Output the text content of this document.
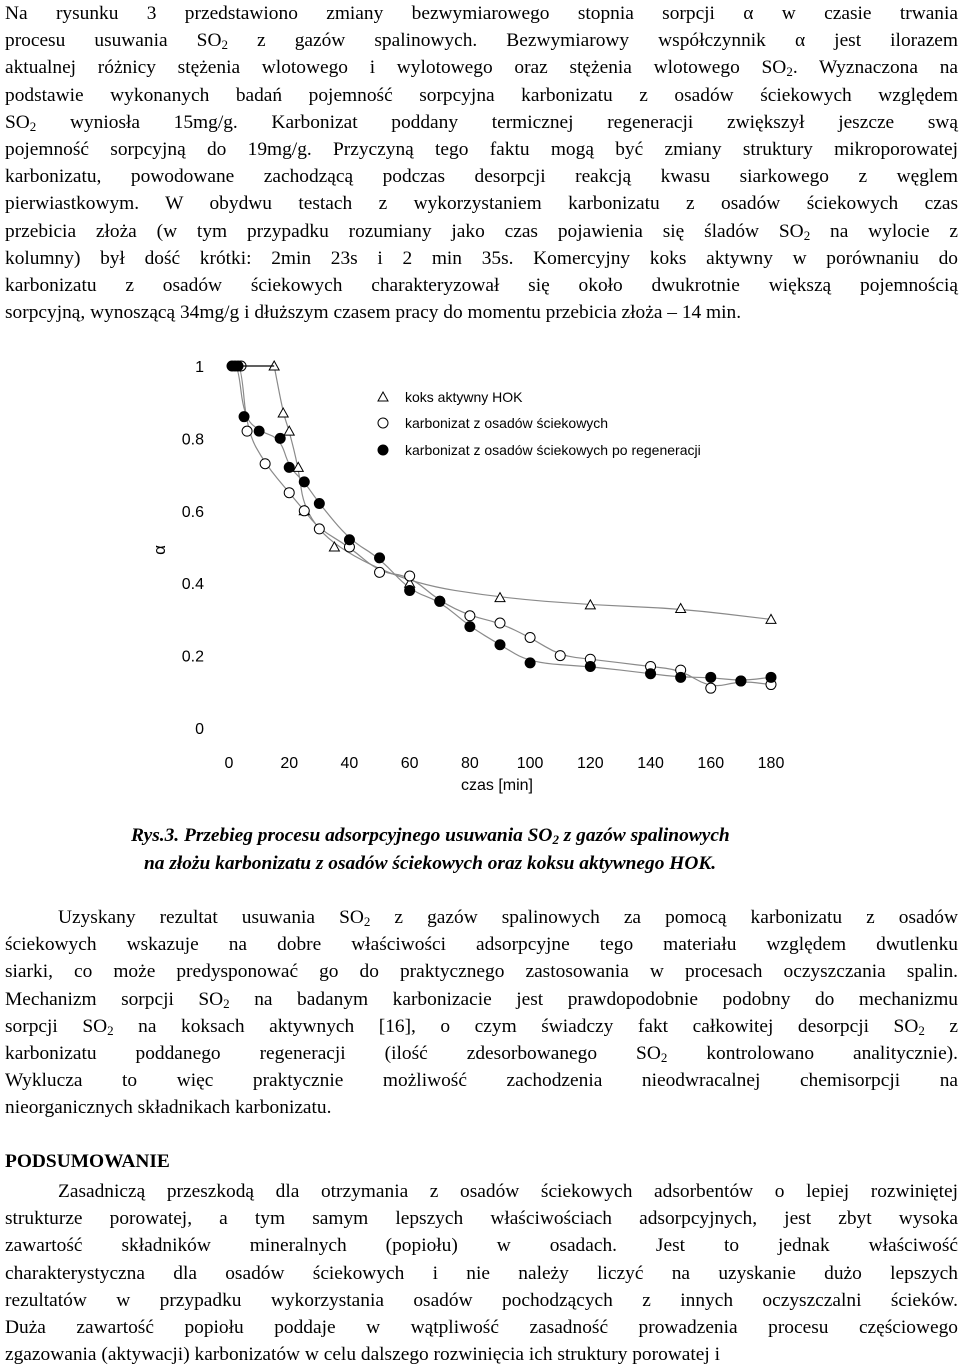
Na rysunku 3 przedstawiono zmiany bezwymiarowego stopnia sorpcji α w czasie trwania
procesu usuwania $SO_2$ z gazów spalinowych. Bezwymiarowy współczynnik α jest ilorazem
aktualnej różnicy stężenia wlotowego i wylotowego oraz stężenia wlotowego $SO_2$. Wyznaczona na
podstawie wykonanych badań pojemność sorpcyjna karbonizatu z osadów ściekowych względem
$SO_2$ wyniosła 15mg/g. Karbonizat poddany termicznej regeneracji zwiększył jeszcze swą
pojemność sorpcyjną do 19mg/g. Przyczyną tego faktu mogą być zmiany struktury mikroporowatej
karbonizatu, powodowane zachodzącą podczas desorpcji reakcją kwasu siarkowego z węglem
pierwiastkowym. W obydwu testach z wykorzystaniem karbonizatu z osadów ściekowych czas
przebicia złoża (w tym przypadku rozumiany jako czas pojawienia się śladów $SO_2$ na wylocie z
kolumny) był dość krótki: 2min 23s i 2 min 35s. Komercyjny koks aktywny w porównaniu do
karbonizatu z osadów ściekowych charakteryzował się około dwukrotnie większą pojemnością
sorpcyjną, wynoszącą 34mg/g i dłuższym czasem pracy do momentu przebicia złoża – 14 min.
0
0.2
0.4
0.6
0.8
1
0	20	40	60	80 100 120 140 160 180
czas [min]
α
koks aktywny HOK
karbonizat z osadów ściekowych
karbonizat z osadów ściekowych po regeneracji
Rys.3. Przebieg procesu adsorpcyjnego usuwania $SO_2$ z gazów spalinowych
na złożu karbonizatu z osadów ściekowych oraz koksu aktywnego HOK.
Uzyskany rezultat usuwania $SO_2$ z gazów spalinowych za pomocą karbonizatu z osadów
ściekowych wskazuje na dobre właściwości adsorpcyjne tego materiału względem dwutlenku
siarki, co może predysponować go do praktycznego zastosowania w procesach oczyszczania spalin.
Mechanizm sorpcji $SO_2$ na badanym karbonizacie jest prawdopodobnie podobny do mechanizmu
sorpcji $SO_2$ na koksach aktywnych [16], o czym świadczy fakt całkowitej desorpcji $SO_2$ z
karbonizatu poddanego regeneracji (ilość zdesorbowanego $SO_2$ kontrolowano analitycznie).
Wyklucza to więc praktycznie możliwość zachodzenia nieodwracalnej chemisorpcji na
nieorganicznych składnikach karbonizatu.
PODSUMOWANIE
Zasadniczą przeszkodą dla otrzymania z osadów ściekowych adsorbentów o lepiej rozwiniętej
strukturze porowatej, a tym samym lepszych właściwościach adsorpcyjnych, jest zbyt wysoka
zawartość składników mineralnych (popiołu) w osadach. Jest to jednak właściwość
charakterystyczna dla osadów ściekowych i nie należy liczyć na uzyskanie dużo lepszych
rezultatów w przypadku wykorzystania osadów pochodzących z innych oczyszczalni ścieków.
Duża zawartość popiołu poddaje w wątpliwość zasadność prowadzenia procesu częściowego
zgazowania (aktywacji) karbonizatów w celu dalszego rozwinięcia ich struktury porowatej i
